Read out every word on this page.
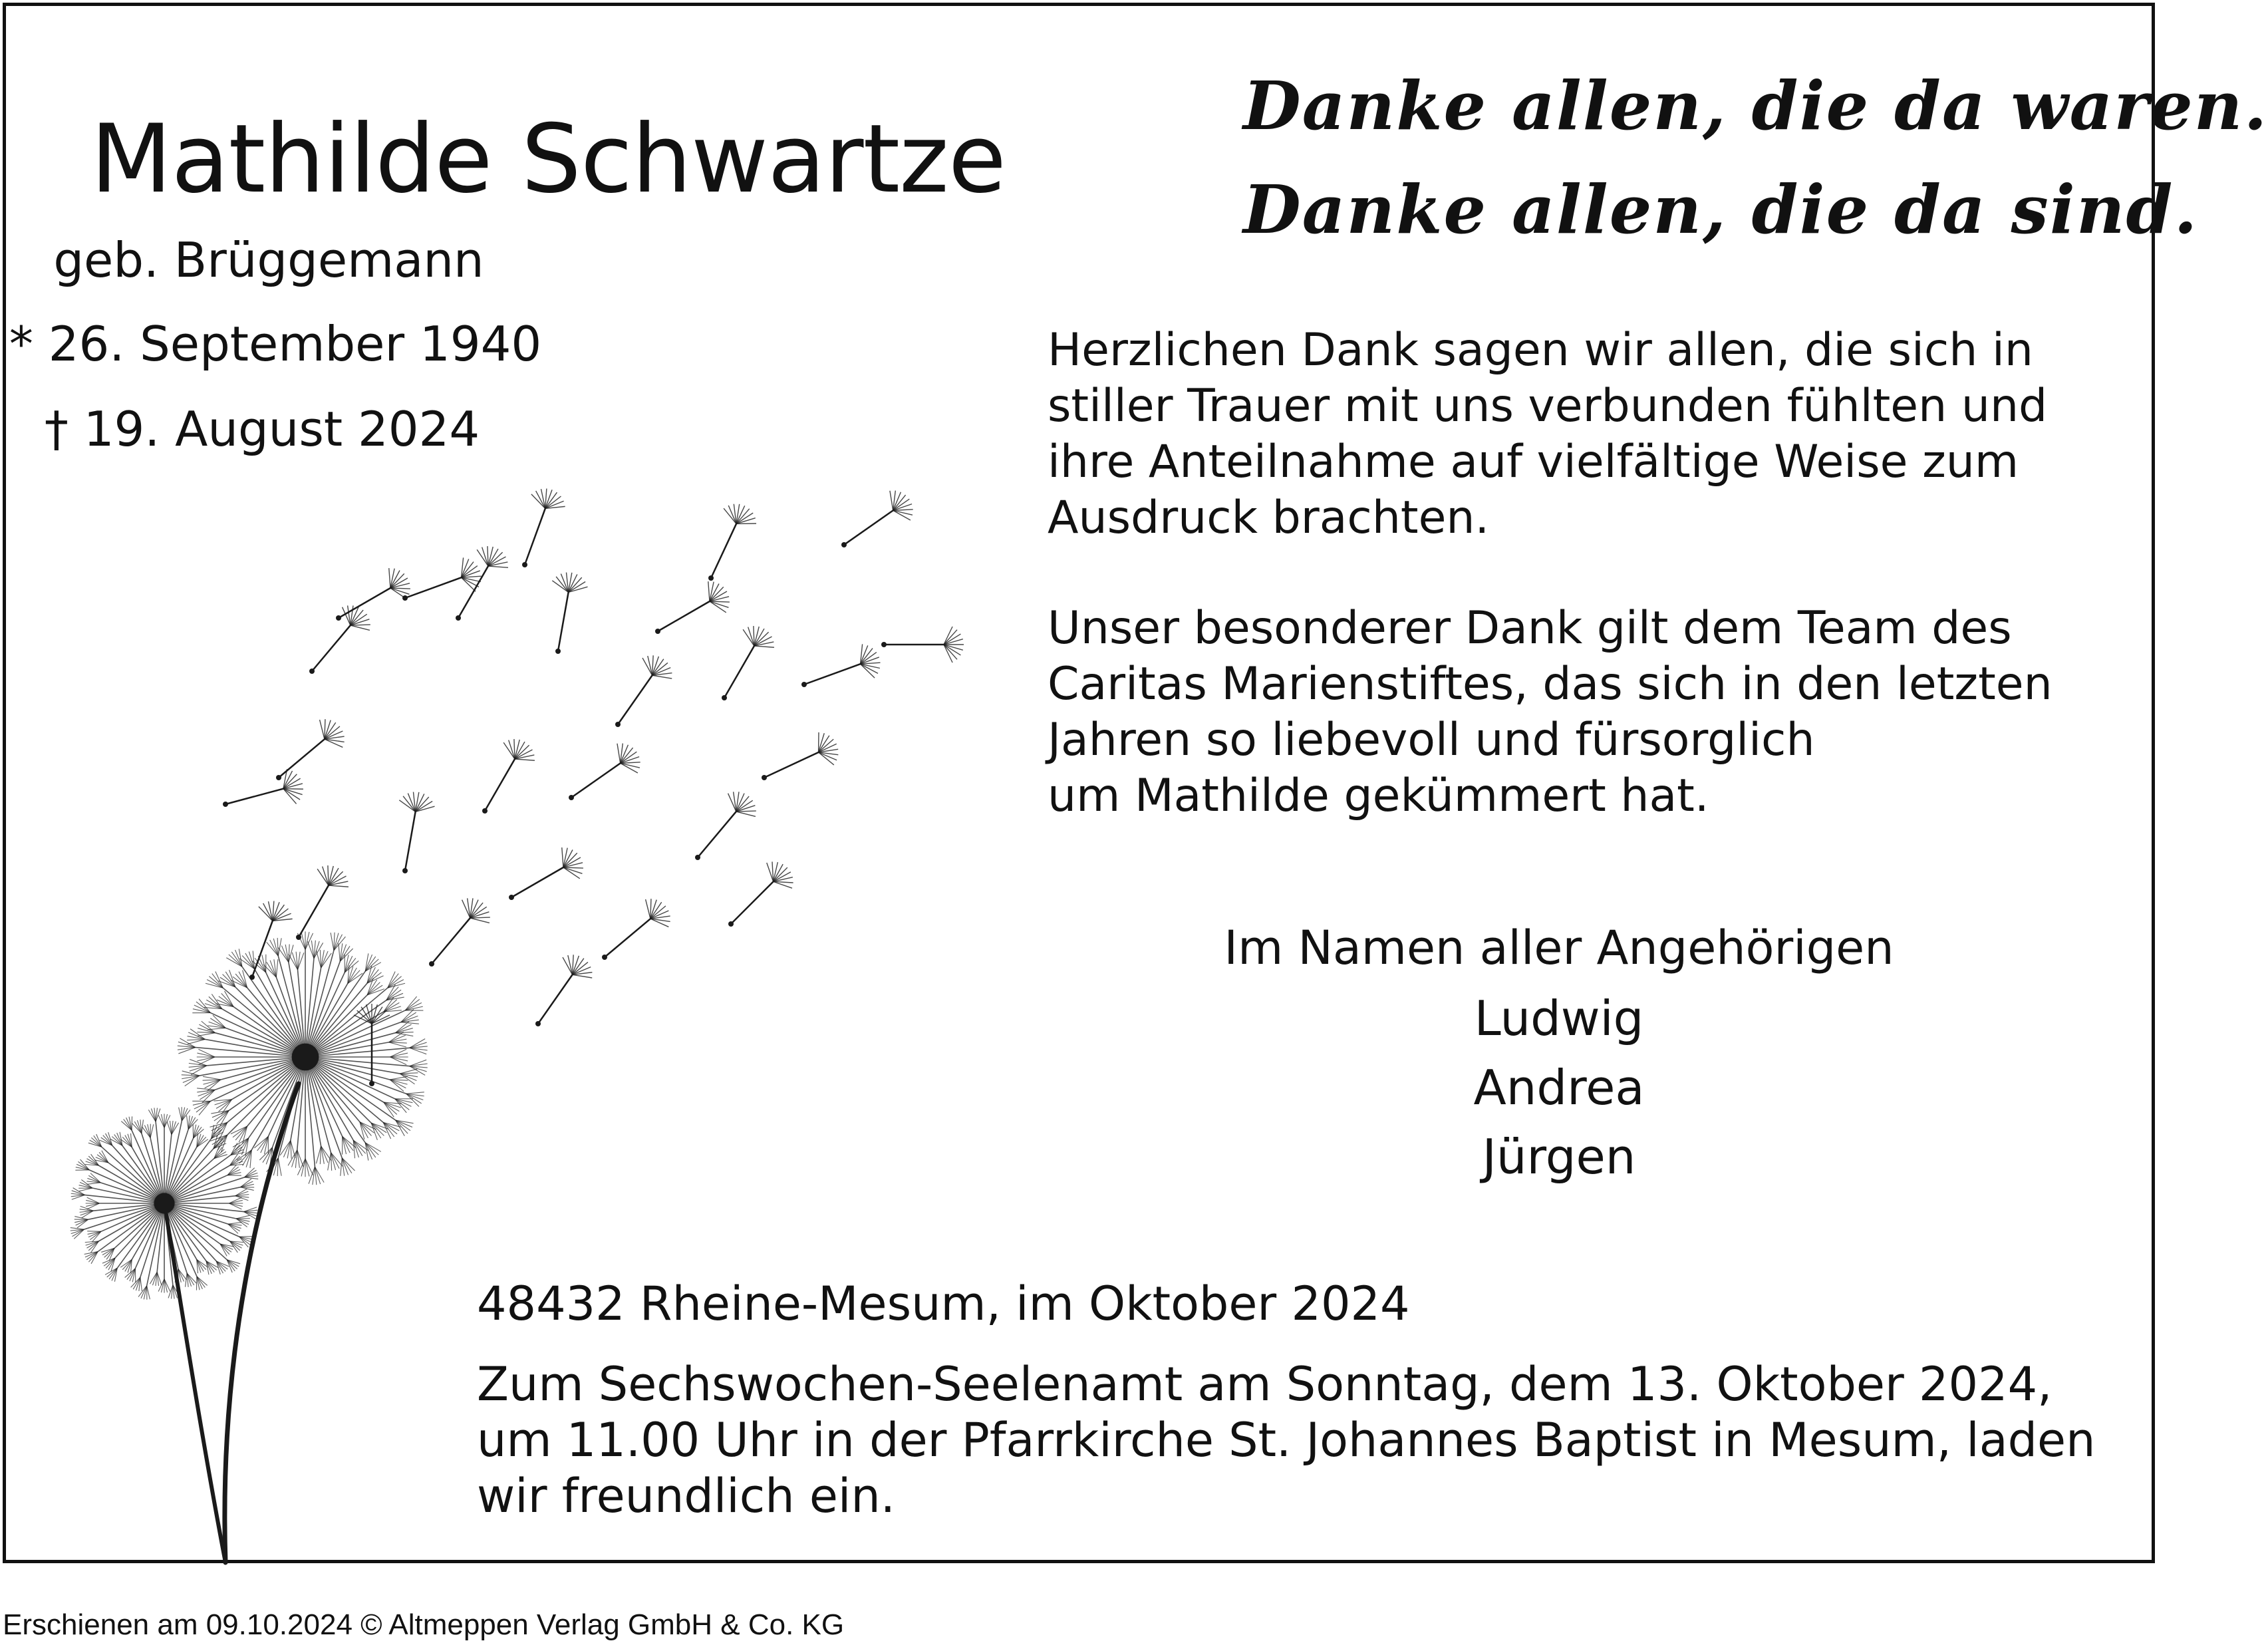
Mathilde Schwartze
geb. Brüggemann
* 26. September 1940
† 19. August 2024
Danke allen, die da waren.
Danke allen, die da sind.
Herzlichen Dank sagen wir allen, die sich in
stiller Trauer mit uns verbunden fühlten und
ihre Anteilnahme auf vielfältige Weise zum
Ausdruck brachten.
Unser besonderer Dank gilt dem Team des
Caritas Marienstiftes, das sich in den letzten
Jahren so liebevoll und fürsorglich
um Mathilde gekümmert hat.
Im Namen aller Angehörigen
Ludwig
Andrea
Jürgen
48432 Rheine-Mesum, im Oktober 2024
Zum Sechswochen-Seelenamt am Sonntag, dem 13. Oktober 2024,
um 11.00 Uhr in der Pfarrkirche St. Johannes Baptist in Mesum, laden
wir freundlich ein.
Erschienen am 09.10.2024 © Altmeppen Verlag GmbH & Co. KG
